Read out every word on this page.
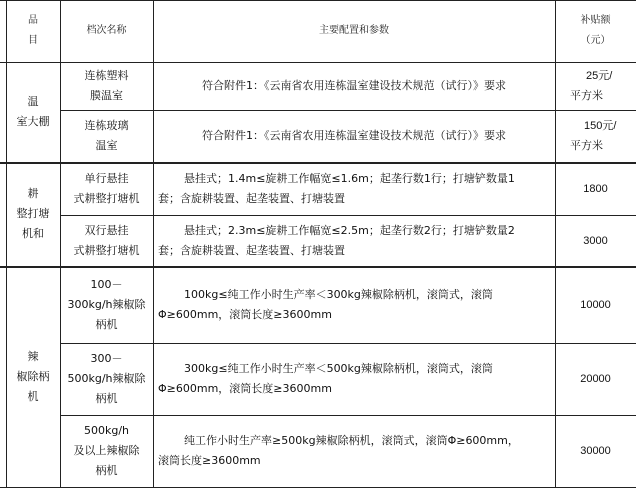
品
目
档次名称	主要配置和参数
补贴额
（元）
温
室大棚
连栋塑料
膜温室
符合附件1：《云南省农用连栋温室建设技术规范（试行）》要求
25元/
平方米
连栋玻璃
温室
符合附件1：《云南省农用连栋温室建设技术规范（试行）》要求
150元/
平方米
耕
整打塘
机和
单行悬挂
式耕整打塘机
悬挂式；1.4m≤旋耕工作幅宽≤1.6m；起垄行数1行；打塘铲数量1
套；含旋耕装置、起垄装置、打塘装置
1800
双行悬挂
式耕整打塘机
悬挂式；2.3m≤旋耕工作幅宽≤2.5m；起垄行数2行；打塘铲数量2
套；含旋耕装置、起垄装置、打塘装置
3000
辣
椒除柄
机
100－
300kg/h辣椒除
柄机
100kg≤纯工作小时生产率＜300kg辣椒除柄机，滚筒式，滚筒
Φ≥600mm，滚筒长度≥3600mm
10000
300－
500kg/h辣椒除
柄机
300kg≤纯工作小时生产率＜500kg辣椒除柄机，滚筒式，滚筒
Φ≥600mm，滚筒长度≥3600mm
20000
500kg/h
及以上辣椒除
柄机
纯工作小时生产率≥500kg辣椒除柄机，滚筒式，滚筒Φ≥600mm，
滚筒长度≥3600mm
30000
